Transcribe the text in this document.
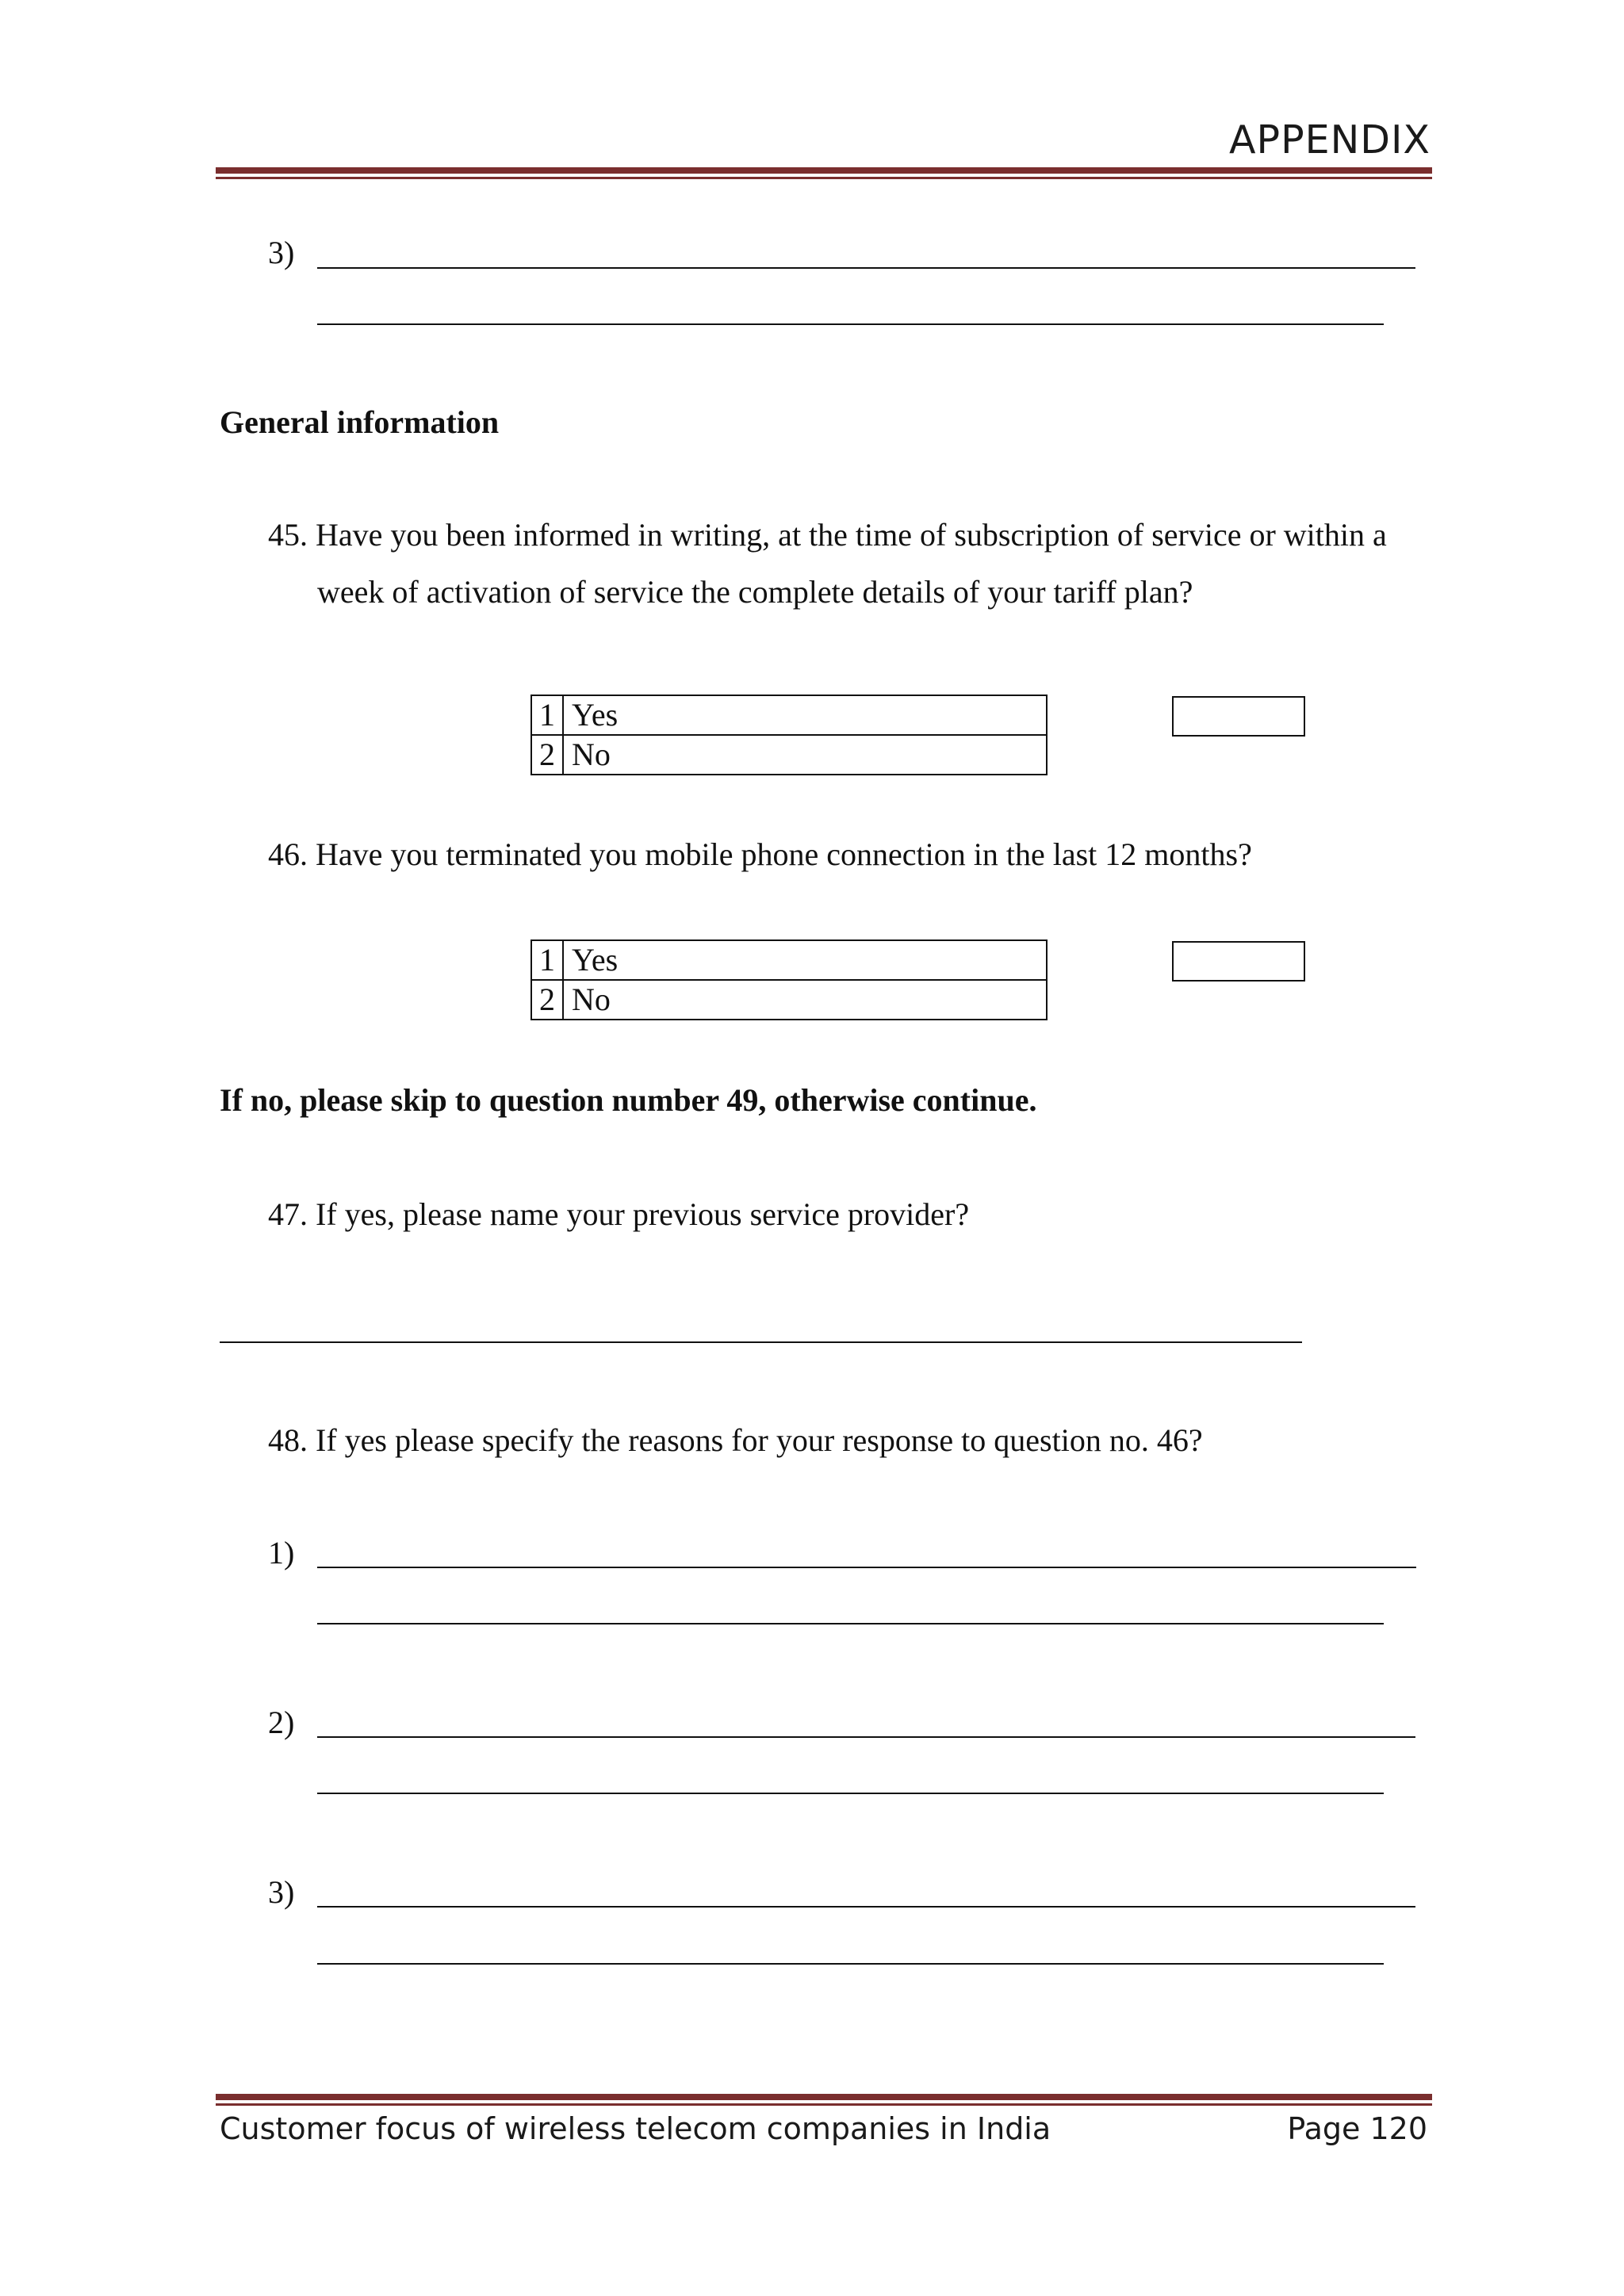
APPENDIX
3)
General information
45. Have you been informed in writing, at the time of subscription of service or within a
week of activation of service the complete details of your tariff plan?
1	Yes
2	No
46. Have you terminated you mobile phone connection in the last 12 months?
1	Yes
2	No
If no, please skip to question number 49, otherwise continue.
47. If yes, please name your previous service provider?
48. If yes please specify the reasons for your response to question no. 46?
1)
2)
3)
Customer focus of wireless telecom companies in India	Page 120
